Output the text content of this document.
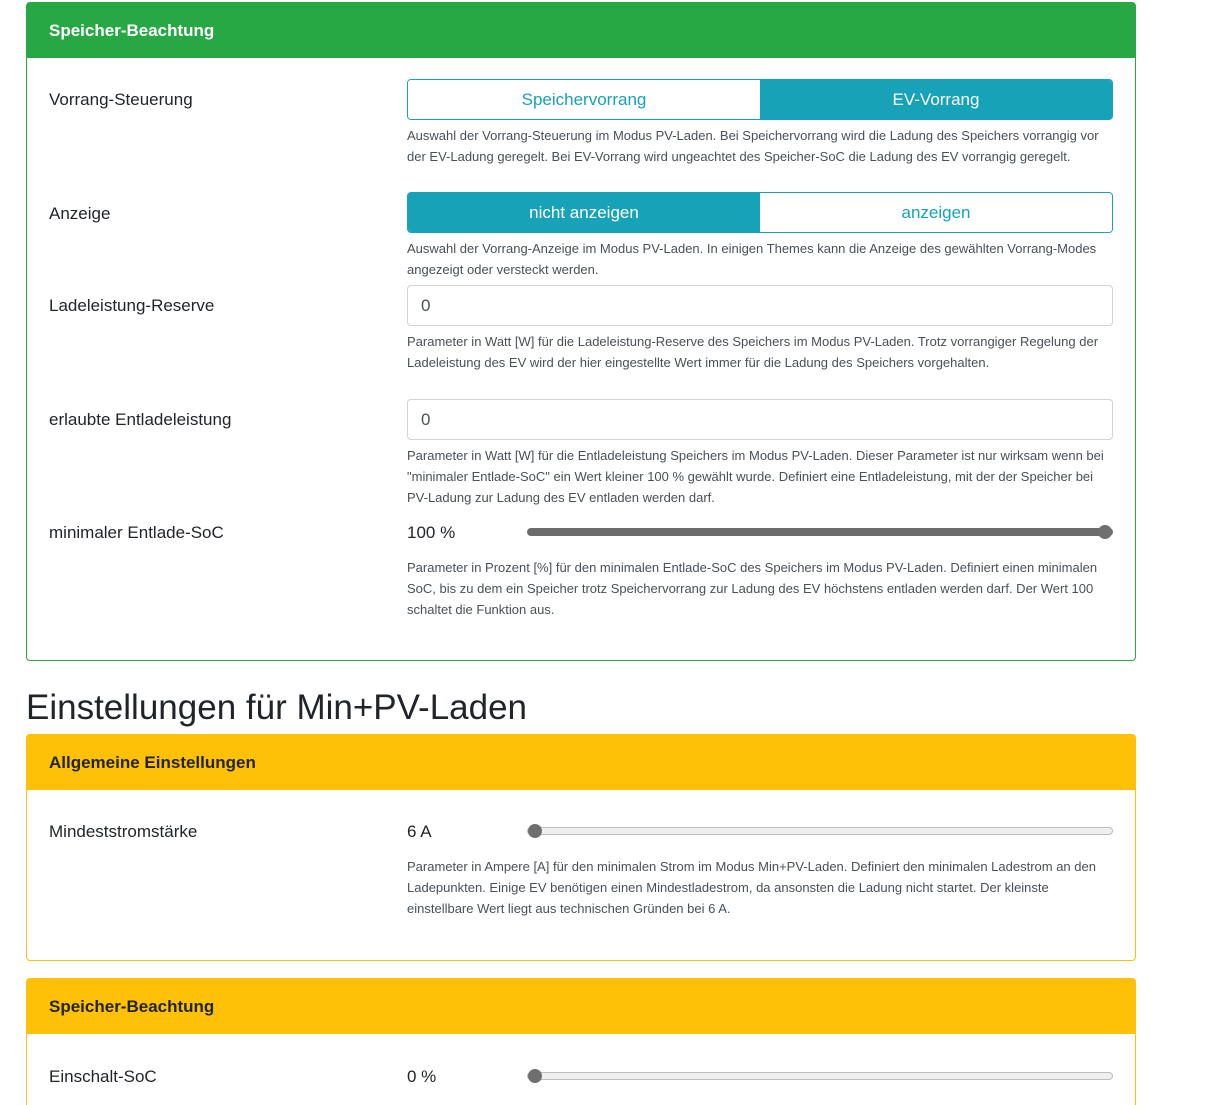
Speicher-Beachtung
Vorrang-Steuerung	Speichervorrang	EV-Vorrang
Auswahl der Vorrang-Steuerung im Modus PV-Laden. Bei Speichervorrang wird die Ladung des Speichers vorrangig vor der EV-Ladung geregelt. Bei EV-Vorrang wird ungeachtet des Speicher-SoC die Ladung des EV vorrangig geregelt.
Anzeige	nicht anzeigen	anzeigen
Auswahl der Vorrang-Anzeige im Modus PV-Laden. In einigen Themes kann die Anzeige des gewählten Vorrang-Modes angezeigt oder versteckt werden.
Ladeleistung-Reserve	0
Parameter in Watt [W] für die Ladeleistung-Reserve des Speichers im Modus PV-Laden. Trotz vorrangiger Regelung der Ladeleistung des EV wird der hier eingestellte Wert immer für die Ladung des Speichers vorgehalten.
erlaubte Entladeleistung	0
Parameter in Watt [W] für die Entladeleistung Speichers im Modus PV-Laden. Dieser Parameter ist nur wirksam wenn bei "minimaler Entlade-SoC" ein Wert kleiner 100 % gewählt wurde. Definiert eine Entladeleistung, mit der der Speicher bei PV-Ladung zur Ladung des EV entladen werden darf.
minimaler Entlade-SoC	100 %
Parameter in Prozent [%] für den minimalen Entlade-SoC des Speichers im Modus PV-Laden. Definiert einen minimalen SoC, bis zu dem ein Speicher trotz Speichervorrang zur Ladung des EV höchstens entladen werden darf. Der Wert 100 schaltet die Funktion aus.
Einstellungen für Min+PV-Laden
Allgemeine Einstellungen
Mindeststromstärke	6 A
Parameter in Ampere [A] für den minimalen Strom im Modus Min+PV-Laden. Definiert den minimalen Ladestrom an den Ladepunkten. Einige EV benötigen einen Mindestladestrom, da ansonsten die Ladung nicht startet. Der kleinste einstellbare Wert liegt aus technischen Gründen bei 6 A.
Speicher-Beachtung
Einschalt-SoC	0 %
